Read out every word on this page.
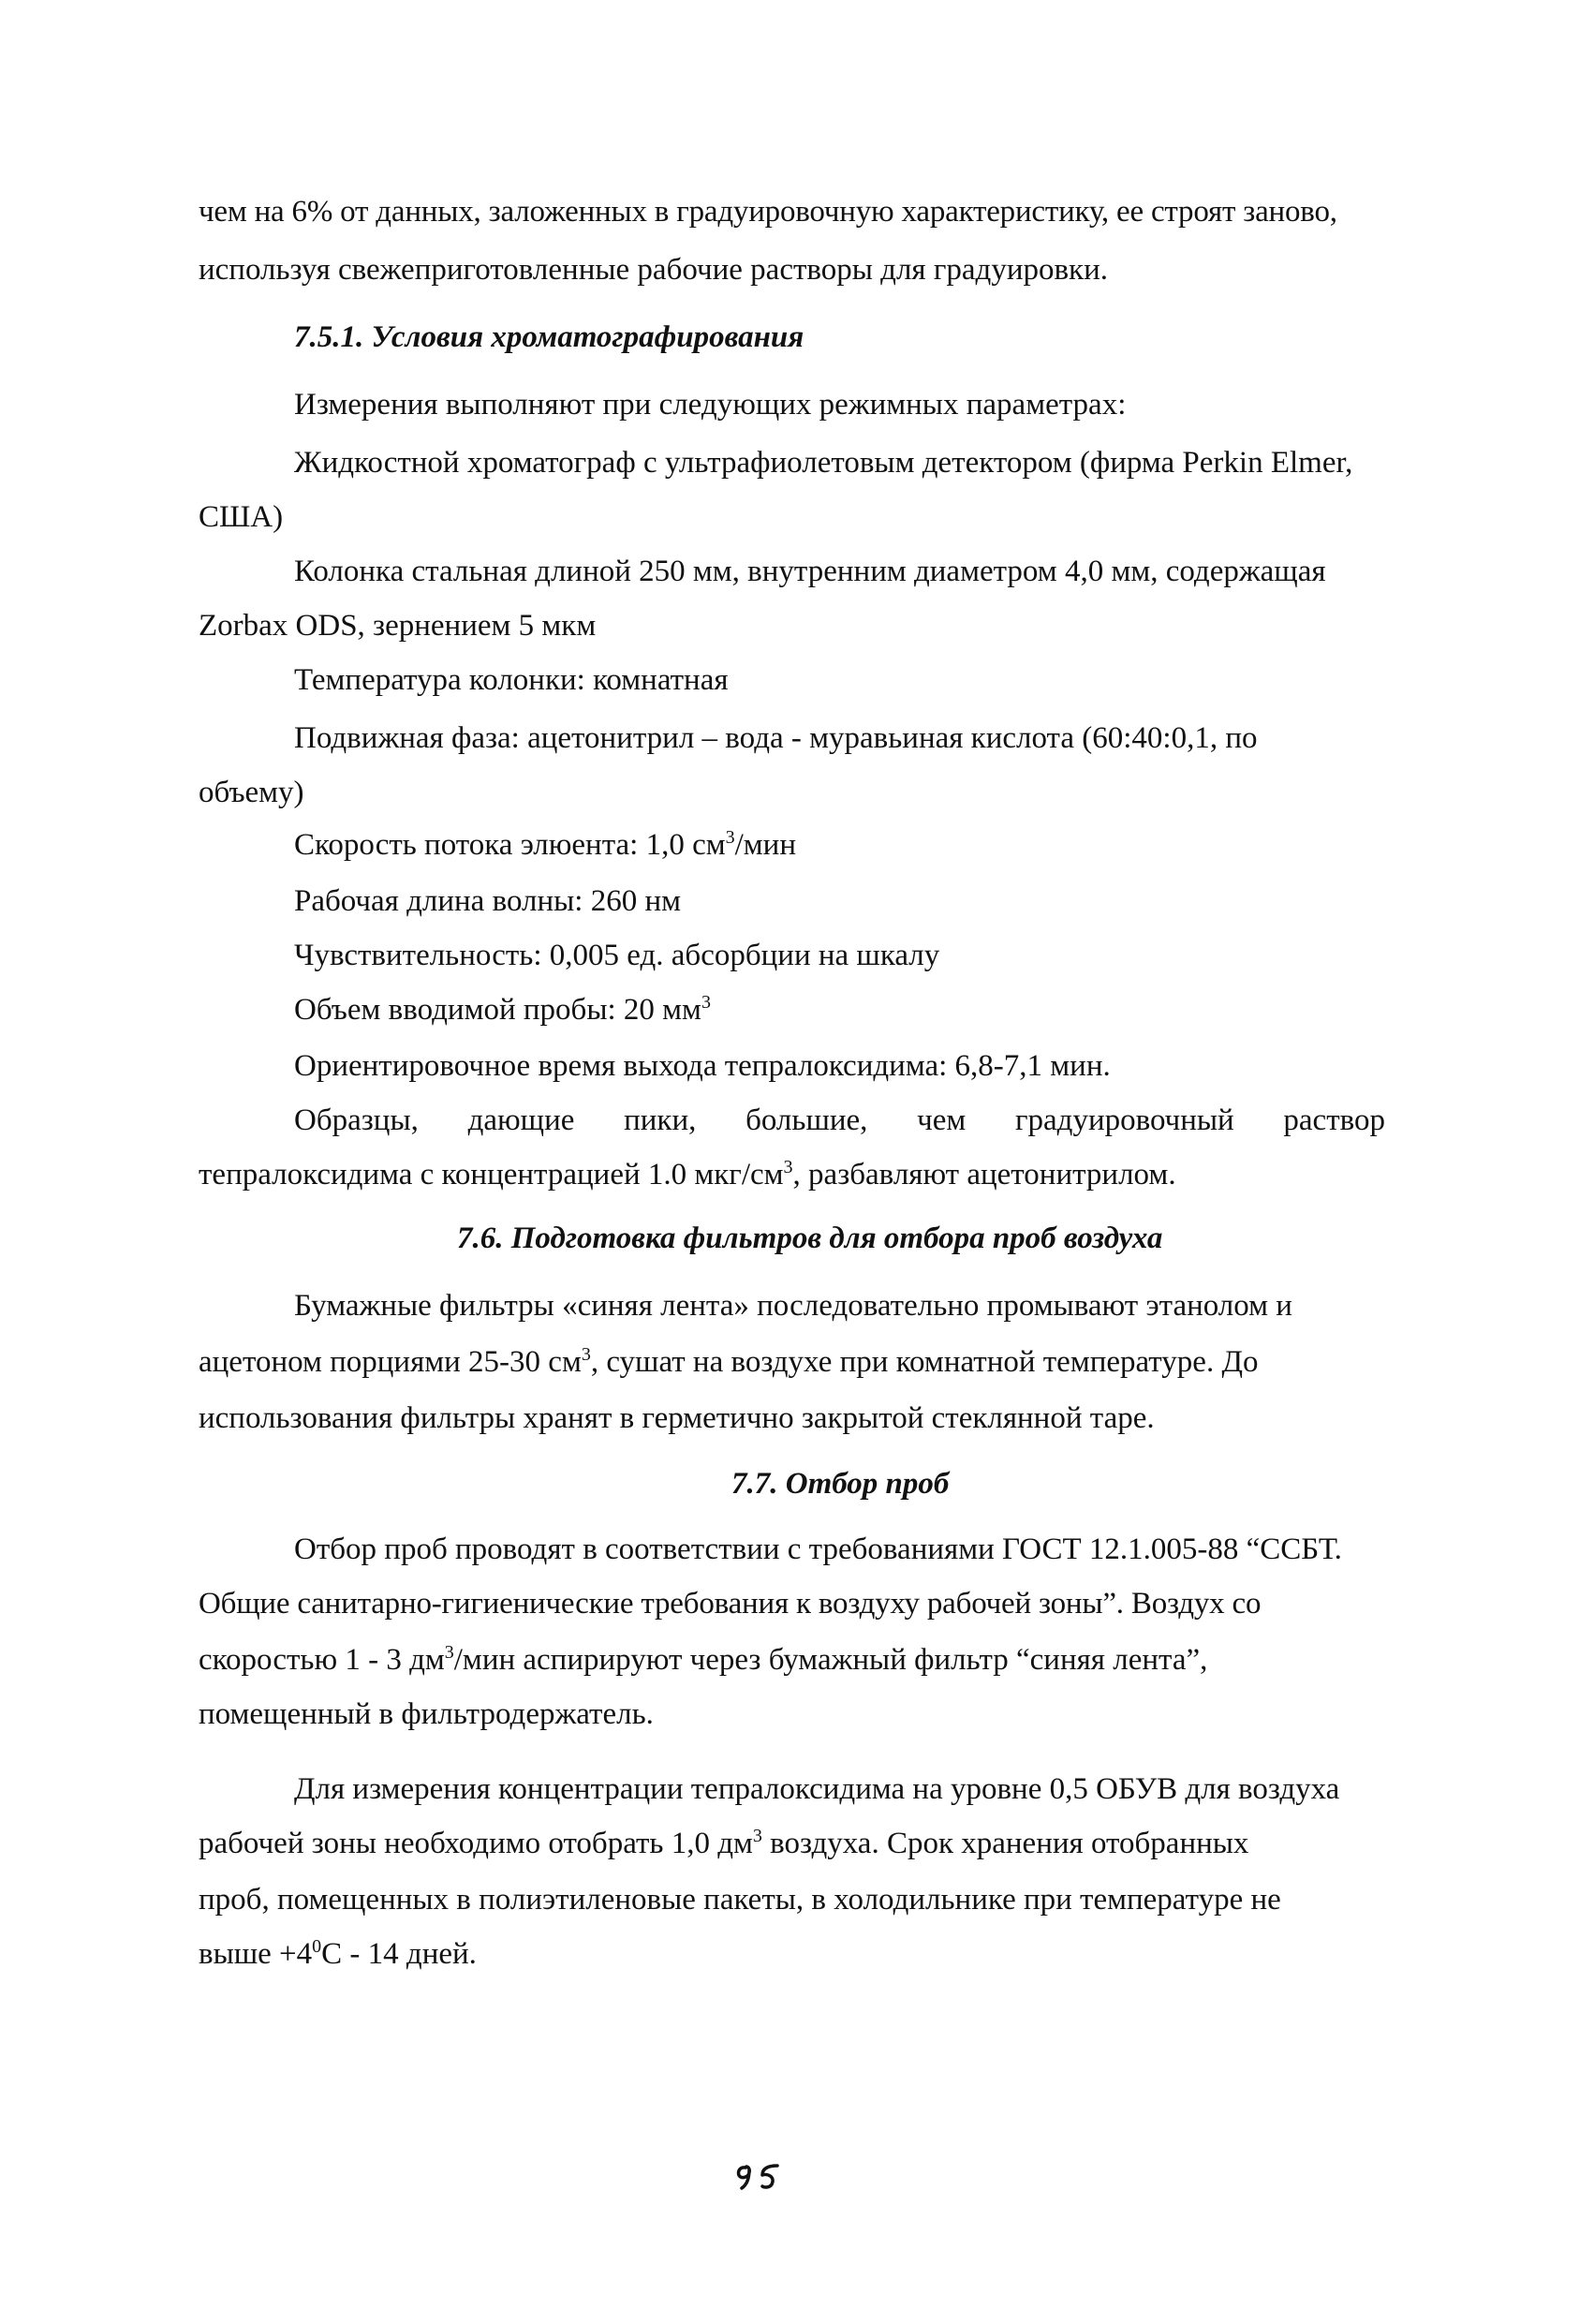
чем на 6% от данных, заложенных в градуировочную характеристику, ее строят заново,

используя свежеприготовленные рабочие растворы для градуировки.

7.5.1. Условия хроматографирования

Измерения выполняют при следующих режимных параметрах:

Жидкостной хроматограф с ультрафиолетовым детектором (фирма Perkin Elmer,

США)

Колонка стальная длиной 250 мм, внутренним диаметром 4,0 мм, содержащая

Zorbax ODS, зернением 5 мкм

Температура колонки: комнатная

Подвижная фаза: ацетонитрил – вода - муравьиная кислота (60:40:0,1, по

объему)

Скорость потока элюента: 1,0 $см^3$/мин

Рабочая длина волны: 260 нм

Чувствительность: 0,005 ед. абсорбции на шкалу

Объем вводимой пробы: 20 $мм^3$

Ориентировочное время выхода тепралоксидима: 6,8-7,1 мин.

Образцы, дающие пики, большие, чем градуировочный раствор

тепралоксидима с концентрацией 1.0 мкг/$см^3$, разбавляют ацетонитрилом.

7.6. Подготовка фильтров для отбора проб воздуха

Бумажные фильтры «синяя лента» последовательно промывают этанолом и

ацетоном порциями 25-30 $см^3$, сушат на воздухе при комнатной температуре. До

использования фильтры хранят в герметично закрытой стеклянной таре.

7.7. Отбор проб

Отбор проб проводят в соответствии с требованиями ГОСТ 12.1.005-88 “ССБТ.

Общие санитарно-гигиенические требования к воздуху рабочей зоны”. Воздух со

скоростью 1 - 3 $дм^3$/мин аспирируют через бумажный фильтр “синяя лента”,

помещенный в фильтродержатель.

Для измерения концентрации тепралоксидима на уровне 0,5 ОБУВ для воздуха

рабочей зоны необходимо отобрать 1,0 $дм^3$ воздуха. Срок хранения отобранных

проб, помещенных в полиэтиленовые пакеты, в холодильнике при температуре не

выше $+4^0С - 14$ дней.
